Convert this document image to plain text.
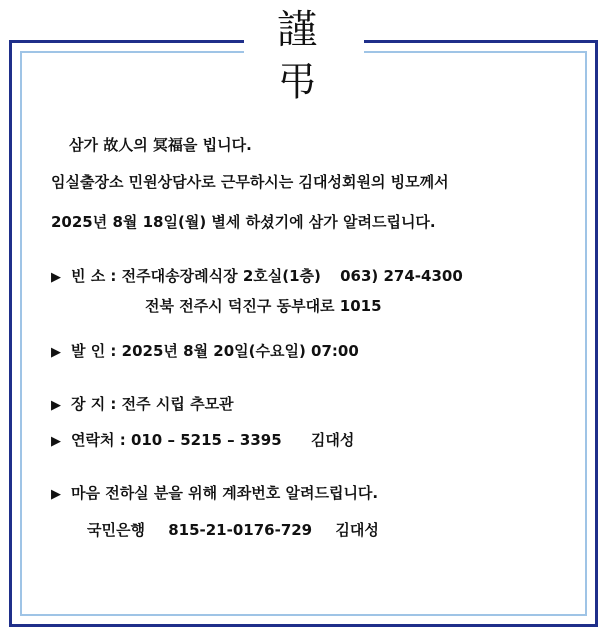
謹 弔
삼가 故人의 冥福을 빕니다.
임실출장소 민원상담사로 근무하시는 김대성회원의 빙모께서
2025년 8월 18일(월) 별세 하셨기에 삼가 알려드립니다.
▶ 빈 소 : 전주대송장례식장 2호실(1층) 063) 274-4300
전북 전주시 덕진구 동부대로 1015
▶ 발 인 : 2025년 8월 20일(수요일) 07:00
▶ 장 지 : 전주 시립 추모관
▶ 연락처 : 010 – 5215 – 3395 김대성
▶ 마음 전하실 분을 위해 계좌번호 알려드립니다.
국민은행 815-21-0176-729 김대성
